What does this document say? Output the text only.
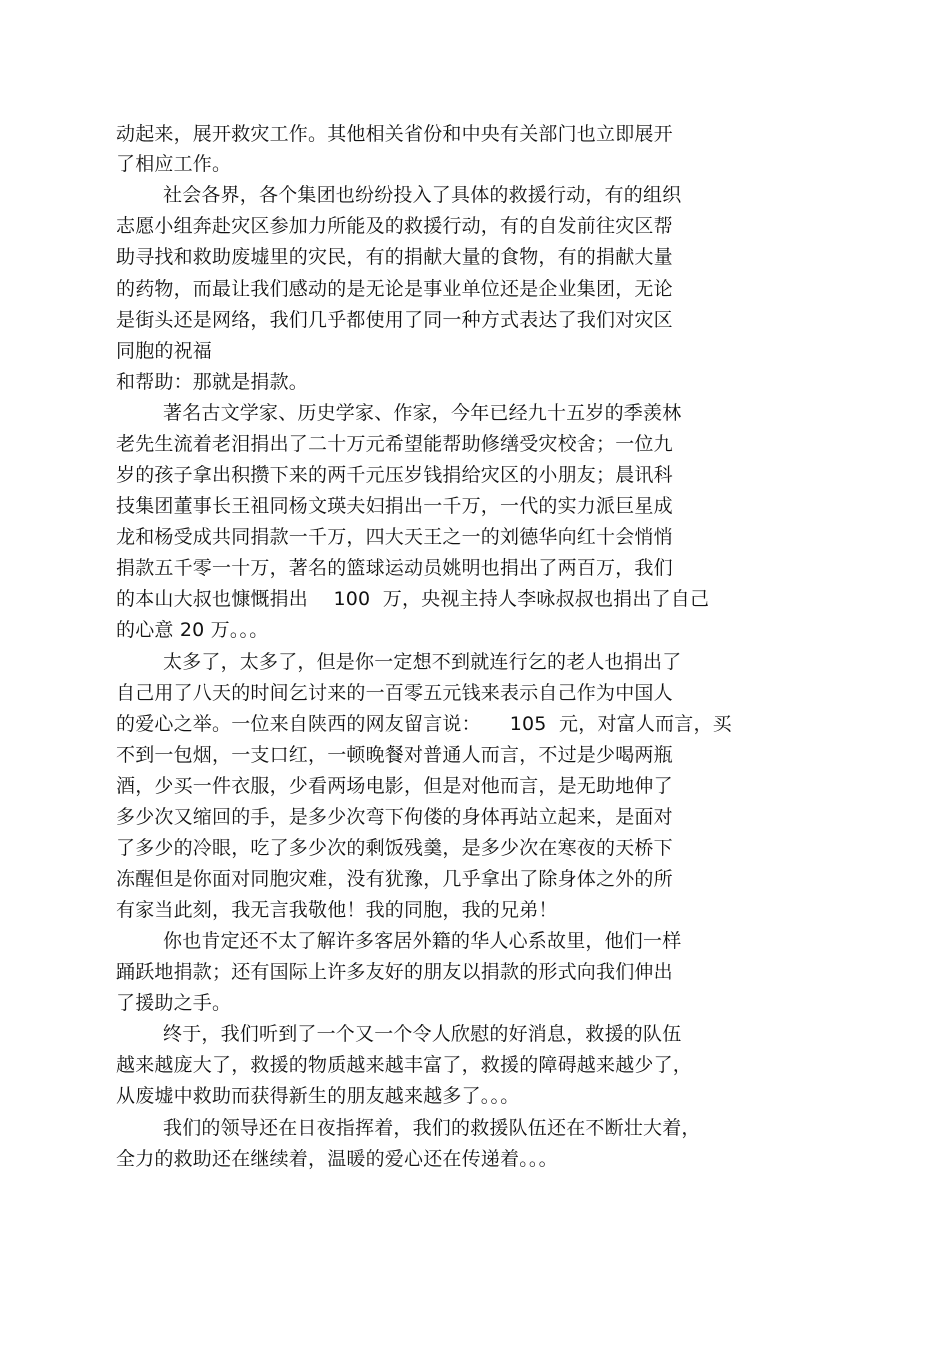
动起来，展开救灾工作。其他相关省份和中央有关部门也立即展开
了相应工作。
社会各界，各个集团也纷纷投入了具体的救援行动，有的组织
志愿小组奔赴灾区参加力所能及的救援行动，有的自发前往灾区帮
助寻找和救助废墟里的灾民，有的捐献大量的食物，有的捐献大量
的药物，而最让我们感动的是无论是事业单位还是企业集团，无论
是街头还是网络，我们几乎都使用了同一种方式表达了我们对灾区
同胞的祝福
和帮助：那就是捐款。
著名古文学家、历史学家、作家，今年已经九十五岁的季羡林
老先生流着老泪捐出了二十万元希望能帮助修缮受灾校舍；一位九
岁的孩子拿出积攒下来的两千元压岁钱捐给灾区的小朋友；晨讯科
技集团董事长王祖同杨文瑛夫妇捐出一千万，一代的实力派巨星成
龙和杨受成共同捐款一千万，四大天王之一的刘德华向红十会悄悄
捐款五千零一十万，著名的篮球运动员姚明也捐出了两百万，我们
的本山大叔也慷慨捐出　 100  万，央视主持人李咏叔叔也捐出了自己
的心意 20 万。。。
太多了，太多了，但是你一定想不到就连行乞的老人也捐出了
自己用了八天的时间乞讨来的一百零五元钱来表示自己作为中国人
的爱心之举。一位来自陕西的网友留言说：　　105  元，对富人而言，买
不到一包烟，一支口红，一顿晚餐对普通人而言，不过是少喝两瓶
酒，少买一件衣服，少看两场电影，但是对他而言，是无助地伸了
多少次又缩回的手，是多少次弯下佝偻的身体再站立起来，是面对
了多少的冷眼，吃了多少次的剩饭残羹，是多少次在寒夜的天桥下
冻醒但是你面对同胞灾难，没有犹豫，几乎拿出了除身体之外的所
有家当此刻，我无言我敬他！我的同胞，我的兄弟！
你也肯定还不太了解许多客居外籍的华人心系故里，他们一样
踊跃地捐款；还有国际上许多友好的朋友以捐款的形式向我们伸出
了援助之手。
终于，我们听到了一个又一个令人欣慰的好消息，救援的队伍
越来越庞大了，救援的物质越来越丰富了，救援的障碍越来越少了，
从废墟中救助而获得新生的朋友越来越多了。。。
我们的领导还在日夜指挥着，我们的救援队伍还在不断壮大着，
全力的救助还在继续着，温暖的爱心还在传递着。。。
